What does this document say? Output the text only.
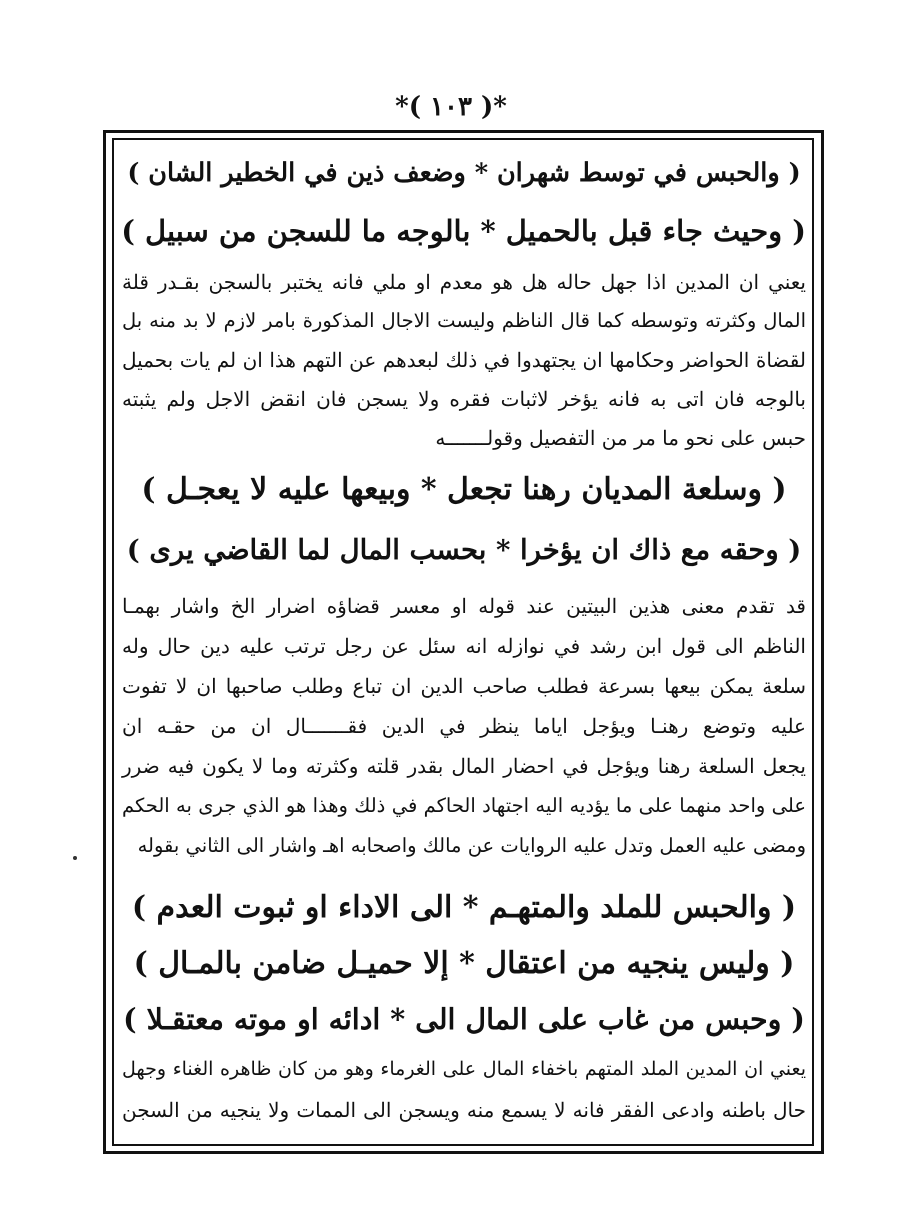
*( ١٠٣ )*
( والحبس في توسط شهران * وضعف ذين في الخطير الشان )
( وحيث جاء قبل بالحميل * بالوجه ما للسجن من سبيل )
يعني ان المدين اذا جهل حاله هل هو معدم او ملي فانه يختبر بالسجن بقـدر قلة
المال وكثرته وتوسطه كما قال الناظم وليست الاجال المذكورة بامر لازم لا بد منه بل
لقضاة الحواضر وحكامها ان يجتهدوا في ذلك لبعدهم عن التهم هذا ان لم يات بحميل
بالوجه فان اتى به فانه يؤخر لاثبات فقره ولا يسجن فان انقض الاجل ولم يثبته
حبس على نحو ما مر من التفصيل وقولـــــــه
( وسلعة المديان رهنا تجعل * وبيعها عليه لا يعجـل )
( وحقه مع ذاك ان يؤخرا * بحسب المال لما القاضي يرى )
قد تقدم معنى هذين البيتين عند قوله او معسر قضاؤه اضرار الخ واشار بهمـا
الناظم الى قول ابن رشد في نوازله انه سئل عن رجل ترتب عليه دين حال وله
سلعة يمكن بيعها بسرعة فطلب صاحب الدين ان تباع وطلب صاحبها ان لا تفوت
عليه وتوضع رهنـا ويؤجل اياما ينظر في الدين فقـــــــال ان من حقـه ان
يجعل السلعة رهنا ويؤجل في احضار المال بقدر قلته وكثرته وما لا يكون فيه ضرر
على واحد منهما على ما يؤديه اليه اجتهاد الحاكم في ذلك وهذا هو الذي جرى به الحكم
ومضى عليه العمل وتدل عليه الروايات عن مالك واصحابه اهـ واشار الى الثاني بقوله
( والحبس للملد والمتهـم * الى الاداء او ثبوت العدم )
( وليس ينجيه من اعتقال * إلا حميـل ضامن بالمـال )
( وحبس من غاب على المال الى * ادائه او موته معتقـلا )
يعني ان المدين الملد المتهم باخفاء المال على الغرماء وهو من كان ظاهره الغناء وجهل
حال باطنه وادعى الفقر فانه لا يسمع منه ويسجن الى الممات ولا ينجيه من السجن
